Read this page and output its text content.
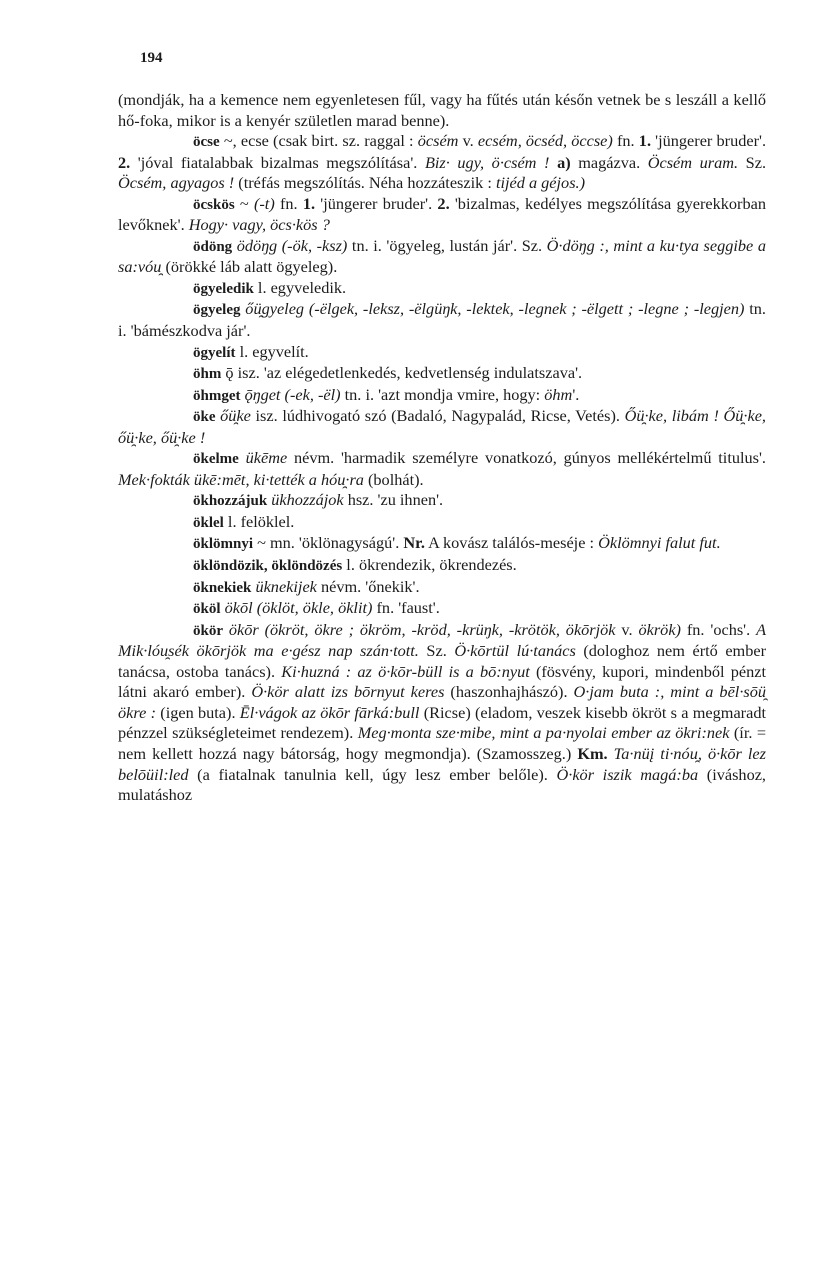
194

(mondják, ha a kemence nem egyenletesen fűl, vagy ha fűtés után későn vetnek be s leszáll a kellő hő-foka, mikor is a kenyér születlen marad benne).

öcse ~, ecse (csak birt. sz. raggal : öcsém v. ecsém, öcséd, öccse) fn. 1. 'jüngerer bruder'. 2. 'jóval fiatalabbak bizalmas megszólítása'. Biz· ugy, ö·csém ! a) magázva. Öcsém uram. Sz. Öcsém, agyagos ! (tréfás megszólítás. Néha hozzáteszik : tijéd a géjos.)

öcskös ~ (-t) fn. 1. 'jüngerer bruder'. 2. 'bizalmas, kedélyes megszólítása gyerekkorban levőknek'. Hogy· vagy, öcs·kös ?

ödöng ödöŋg (-ök, -ksz) tn. i. 'ögyeleg, lustán jár'. Sz. Ö·döŋg :, mint a ku·tya seggibe a sa:vóu̯ (örökké láb alatt ögyeleg).

ögyeledik l. egyveledik.

ögyeleg őü̯gyeleg (-ëlgek, -leksz, -ëlgüŋk, -lektek, -legnek ; -ëlgett ; -legne ; -legjen) tn. i. 'bámészkodva jár'.

ögyelít l. egyvelít.

öhm ǭ isz. 'az elégedetlenkedés, kedvetlenség indulatszava'.

öhmget ǭŋget (-ek, -ël) tn. i. 'azt mondja vmire, hogy: öhm'.

öke őü̯ke isz. lúdhivogató szó (Badaló, Nagypalád, Ricse, Vetés). Őü̯·ke, libám ! Őü̯·ke, őü̯·ke, őü̯·ke !

ökelme ükēme névm. 'harmadik személyre vonatkozó, gúnyos mellékértelmű titulus'. Mek·fokták ükē:mēt, ki·tették a hóu̯·ra (bolhát).

ökhozzájuk ükhozzájok hsz. 'zu ihnen'.

öklel l. felöklel.

öklömnyi ~ mn. 'öklönagyságú'. Nr. A kovász találós-meséje : Öklömnyi falut fut.

öklöndözik, öklöndözés l. ökrendezik, ökrendezés.

öknekiek üknekijek névm. 'őnekik'.

ököl ökōl (öklöt, ökle, öklit) fn. 'faust'.

ökör ökōr (ökröt, ökre ; ökröm, -kröd, -krüŋk, -krötök, ökōrjök v. ökrök) fn. 'ochs'. A Mik·lóu̯sék ökōrjök ma e·gész nap szán·tott. Sz. Ö·kōrtül lú·tanács (dologhoz nem értő ember tanácsa, ostoba tanács). Ki·huzná : az ö·kōr-büll is a bō:nyut (fösvény, kupori, mindenből pénzt látni akaró ember). Ö·kör alatt izs bōrnyut keres (haszonhajhászó). O·jam buta :, mint a bēl·sōü̯ ökre : (igen buta). Ēl·vágok az ökōr fārká:bull (Ricse) (eladom, veszek kisebb ökröt s a megmaradt pénzzel szükségleteimet rendezem). Meg·monta sze·mibe, mint a pa·nyolai ember az ökri:nek (ír. = nem kellett hozzá nagy bátorság, hogy megmondja). (Szamosszeg.) Km. Ta·nüį ti·nóu̯, ö·kōr lez belōüil:led (a fiatalnak tanulnia kell, úgy lesz ember belőle). Ö·kör iszik magá:ba (iváshoz, mulatáshoz
